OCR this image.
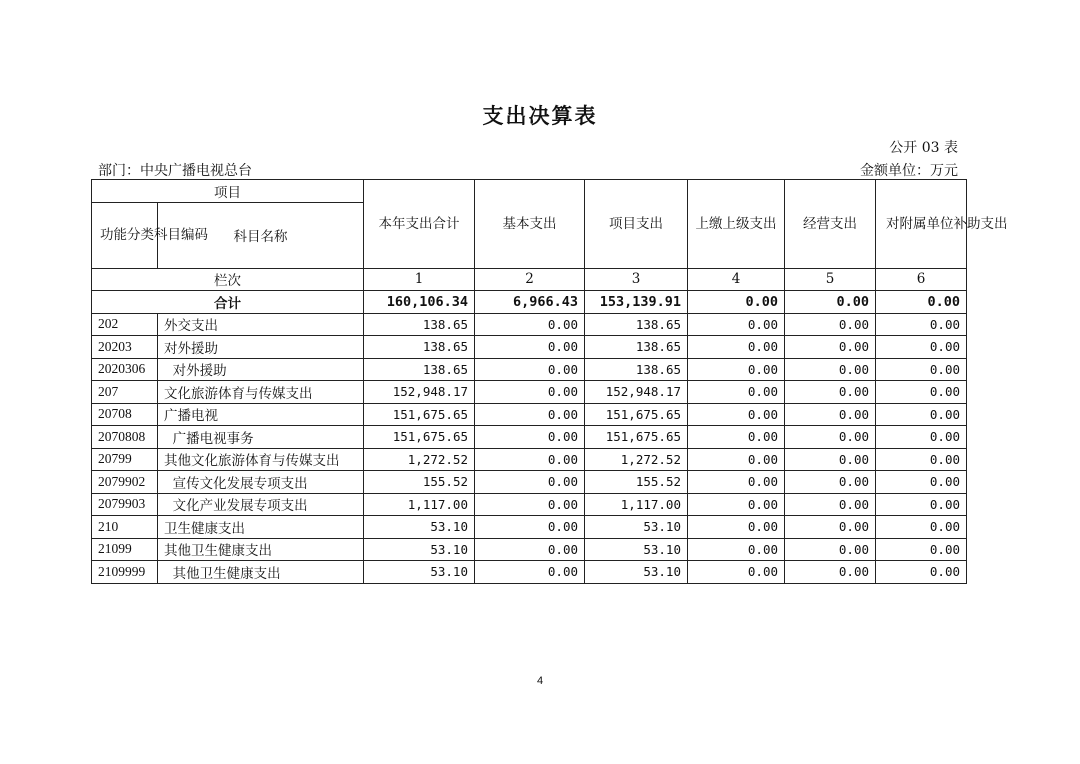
支出决算表
公开 03 表
部门：中央广播电视总台	金额单位：万元
项目		本年支出合计	基本支出	项目支出	上缴上级支出	经营支出	对附属单位补助支出
功能分类科目编码	科目名称						
栏次		1	2	3	4	5	6
合计		160,106.34	6,966.43	153,139.91	0.00	0.00	0.00
202	外交支出	138.65	0.00	138.65	0.00	0.00	0.00
20203	对外援助	138.65	0.00	138.65	0.00	0.00	0.00
2020306	对外援助	138.65	0.00	138.65	0.00	0.00	0.00
207	文化旅游体育与传媒支出	152,948.17	0.00	152,948.17	0.00	0.00	0.00
20708	广播电视	151,675.65	0.00	151,675.65	0.00	0.00	0.00
2070808	广播电视事务	151,675.65	0.00	151,675.65	0.00	0.00	0.00
20799	其他文化旅游体育与传媒支出	1,272.52	0.00	1,272.52	0.00	0.00	0.00
2079902	宣传文化发展专项支出	155.52	0.00	155.52	0.00	0.00	0.00
2079903	文化产业发展专项支出	1,117.00	0.00	1,117.00	0.00	0.00	0.00
210	卫生健康支出	53.10	0.00	53.10	0.00	0.00	0.00
21099	其他卫生健康支出	53.10	0.00	53.10	0.00	0.00	0.00
2109999	其他卫生健康支出	53.10	0.00	53.10	0.00	0.00	0.00
4
